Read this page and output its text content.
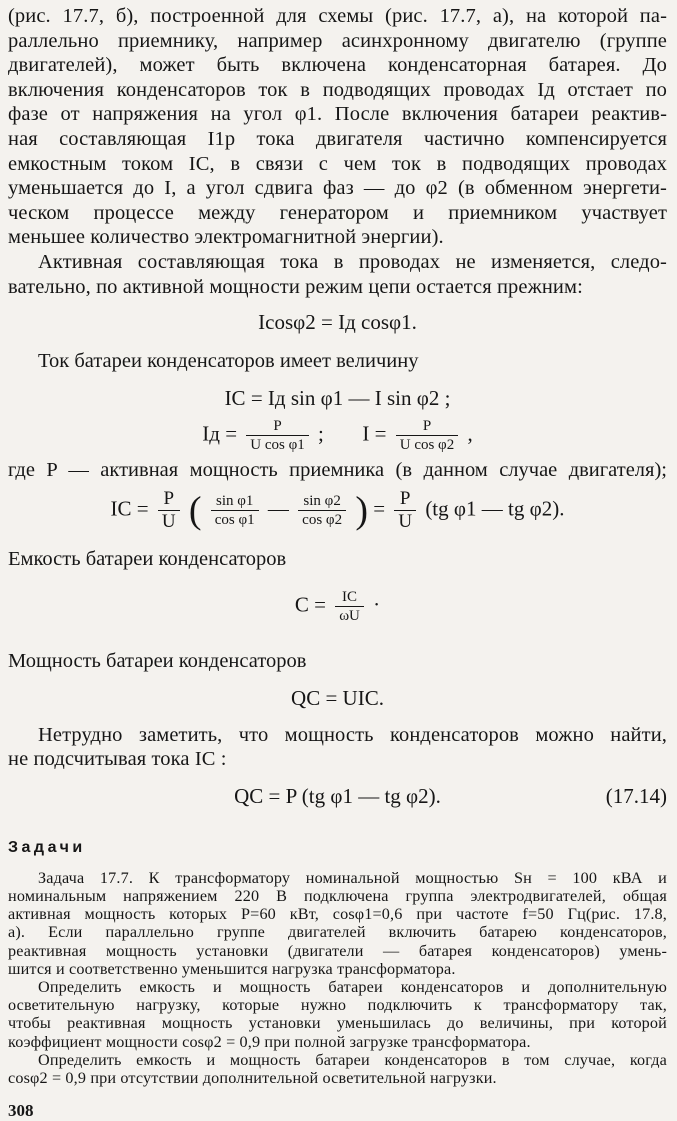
(рис. 17.7, б), построенной для схемы (рис. 17.7, а), на которой па-

раллельно приемнику, например асинхронному двигателю (группе

двигателей), может быть включена конденсаторная батарея. До

включения конденсаторов ток в подводящих проводах Iд отстает по

фазе от напряжения на угол φ1. После включения батареи реактив-

ная составляющая I1р тока двигателя частично компенсируется

емкостным током IC, в связи с чем ток в подводящих проводах

уменьшается до I, а угол сдвига фаз — до φ2 (в обменном энергети-

ческом процессе между генератором и приемником участвует

меньшее количество электромагнитной энергии).

Активная составляющая тока в проводах не изменяется, следо-

вательно, по активной мощности режим цепи остается прежним:

Icosφ2 = Iд cosφ1.

Ток батареи конденсаторов имеет величину

IC = Iд sin φ1 — I sin φ2 ;
Iд = $\frac{P}{\text{U cos φ1}}$ ; $I = \frac{P}{\text{U cos φ2}}$ ,

где P — активная мощность приемника (в данном случае двигателя);

IC = $\frac{P}{U}$ ( $\frac{\text{sin φ1}}{\text{cos φ1}}$ — $\frac{\text{sin φ2}}{\text{cos φ2}}$ ) = $\frac{P}{U} (tg$ φ1 — tg φ2).

Емкость батареи конденсаторов

$C = \frac{IC}{\omega U}$ ·

Мощность батареи конденсаторов

QC = UIC.

Нетрудно заметить, что мощность конденсаторов можно найти,

не подсчитывая тока IC :

QC = P (tg φ1 — tg φ2).	(17.14)
Задачи

Задача 17.7. К трансформатору номинальной мощностью Sн = 100 кВА и

номинальным напряжением 220 В подключена группа электродвигателей, общая

активная мощность которых P=60 кВт, cosφ1=0,6 при частоте f=50 Гц(рис. 17.8,

а). Если параллельно группе двигателей включить батарею конденсаторов,

реактивная мощность установки (двигатели — батарея конденсаторов) умень-

шится и соответственно уменьшится нагрузка трансформатора.

Определить емкость и мощность батареи конденсаторов и дополнительную

осветительную нагрузку, которые нужно подключить к трансформатору так,

чтобы реактивная мощность установки уменьшилась до величины, при которой

коэффициент мощности cosφ2 = 0,9 при полной загрузке трансформатора.

Определить емкость и мощность батареи конденсаторов в том случае, когда

cosφ2 = 0,9 при отсутствии дополнительной осветительной нагрузки.

308
